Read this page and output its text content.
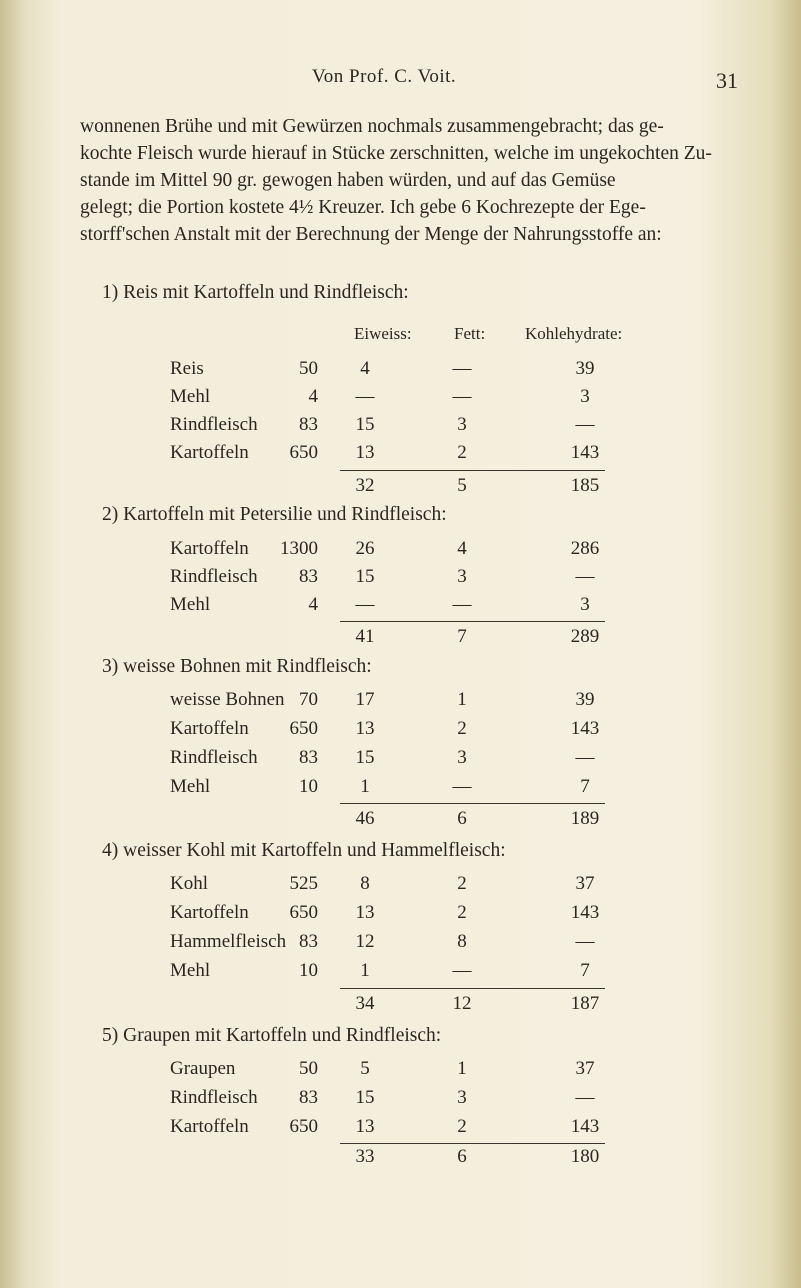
Von Prof. C. Voit.	31
wonnenen Brühe und mit Gewürzen nochmals zusammengebracht; das ge-
kochte Fleisch wurde hierauf in Stücke zerschnitten, welche im ungekochten Zu-
stande im Mittel 90 gr. gewogen haben würden, und auf das Gemüse
gelegt; die Portion kostete 4½ Kreuzer. Ich gebe 6 Kochrezepte der Ege-
storff'schen Anstalt mit der Berechnung der Menge der Nahrungsstoffe an:
1) Reis mit Kartoffeln und Rindfleisch:
Eiweiss: Fett: Kohlehydrate:
Reis	50	4	—	39
Mehl	4	—	—	3
Rindfleisch	83	15	3	—
Kartoffeln	650	13	2	143
32	5	185
2) Kartoffeln mit Petersilie und Rindfleisch:
Kartoffeln	1300	26	4	286
Rindfleisch	83	15	3	—
Mehl	4	—	—	3
41	7	289
3) weisse Bohnen mit Rindfleisch:
weisse Bohnen 70	17	1	39
Kartoffeln	650	13	2	143
Rindfleisch	83	15	3	—
Mehl	10	1	—	7
46	6	189
4) weisser Kohl mit Kartoffeln und Hammelfleisch:
Kohl	525	8	2	37
Kartoffeln	650	13	2	143
Hammelfleisch 83	12	8	—
Mehl	10	1	—	7
34	12	187
5) Graupen mit Kartoffeln und Rindfleisch:
Graupen	50	5	1	37
Rindfleisch	83	15	3	—
Kartoffeln	650	13	2	143
33	6	180
